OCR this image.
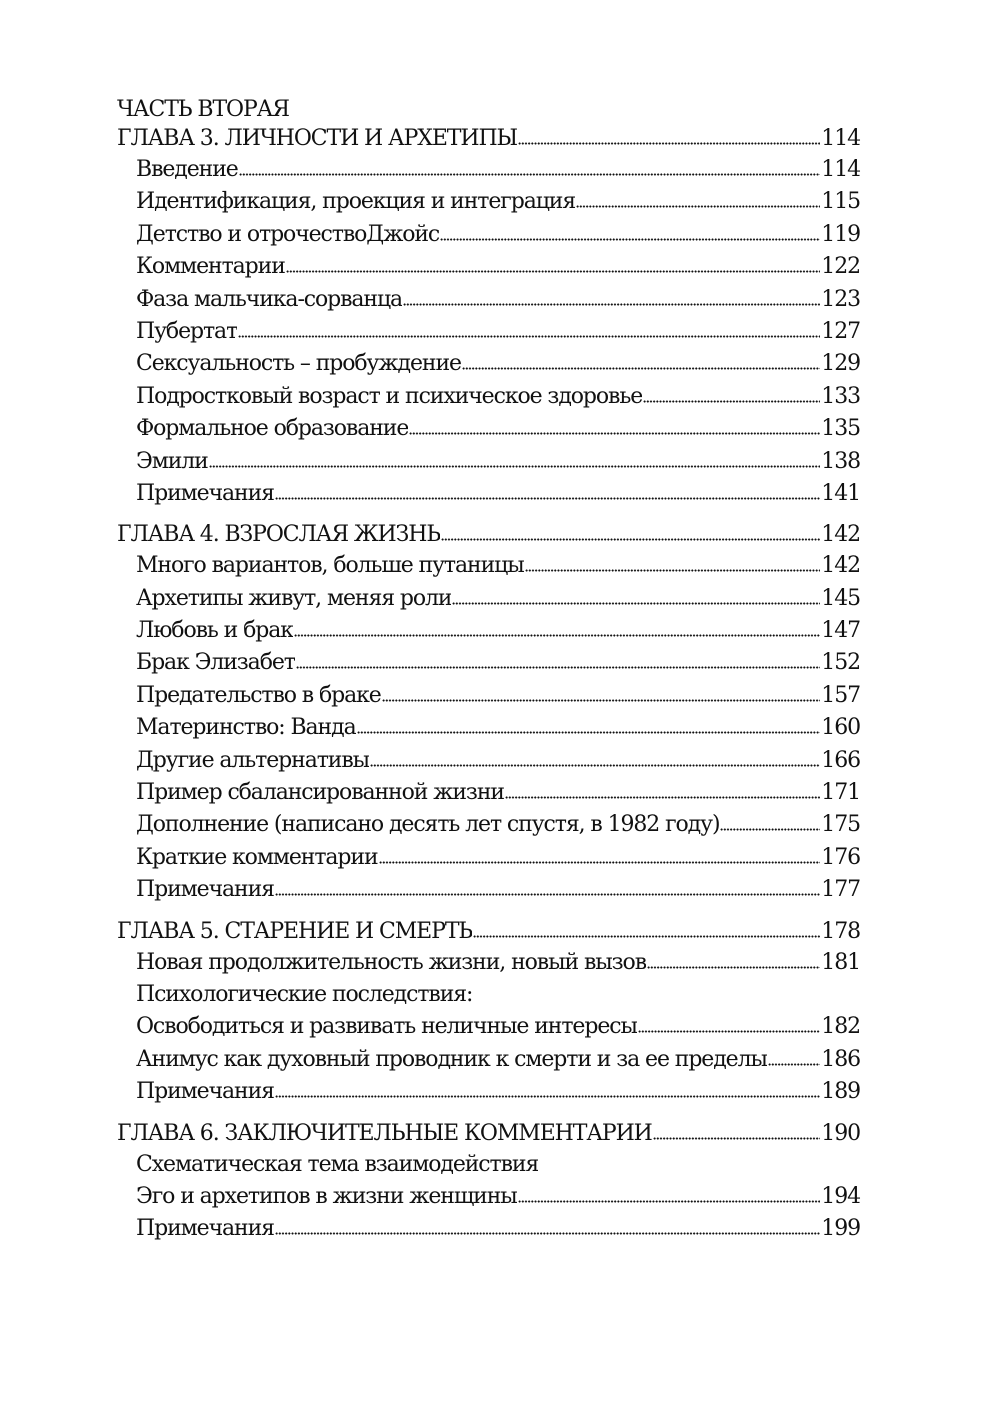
ЧАСТЬ ВТОРАЯ
ГЛАВА 3. ЛИЧНОСТИ И АРХЕТИПЫ	114
Введение	114
Идентификация, проекция и интеграция	115
Детство и отрочествоДжойс	119
Комментарии	122
Фаза мальчика-сорванца	123
Пубертат	127
Сексуальность – пробуждение	129
Подростковый возраст и психическое здоровье	133
Формальное образование	135
Эмили	138
Примечания	141
ГЛАВА 4. ВЗРОСЛАЯ ЖИЗНЬ	142
Много вариантов, больше путаницы	142
Архетипы живут, меняя роли	145
Любовь и брак	147
Брак Элизабет	152
Предательство в браке	157
Материнство: Ванда	160
Другие альтернативы	166
Пример сбалансированной жизни	171
Дополнение (написано десять лет спустя, в 1982 году)	175
Краткие комментарии	176
Примечания	177
ГЛАВА 5. СТАРЕНИЕ И СМЕРТЬ	178
Новая продолжительность жизни, новый вызов	181
Психологические последствия:
Освободиться и развивать неличные интересы	182
Анимус как духовный проводник к смерти и за ее пределы 186
Примечания	189
ГЛАВА 6. ЗАКЛЮЧИТЕЛЬНЫЕ КОММЕНТАРИИ	190
Схематическая тема взаимодействия
Эго и архетипов в жизни женщины	194
Примечания	199
